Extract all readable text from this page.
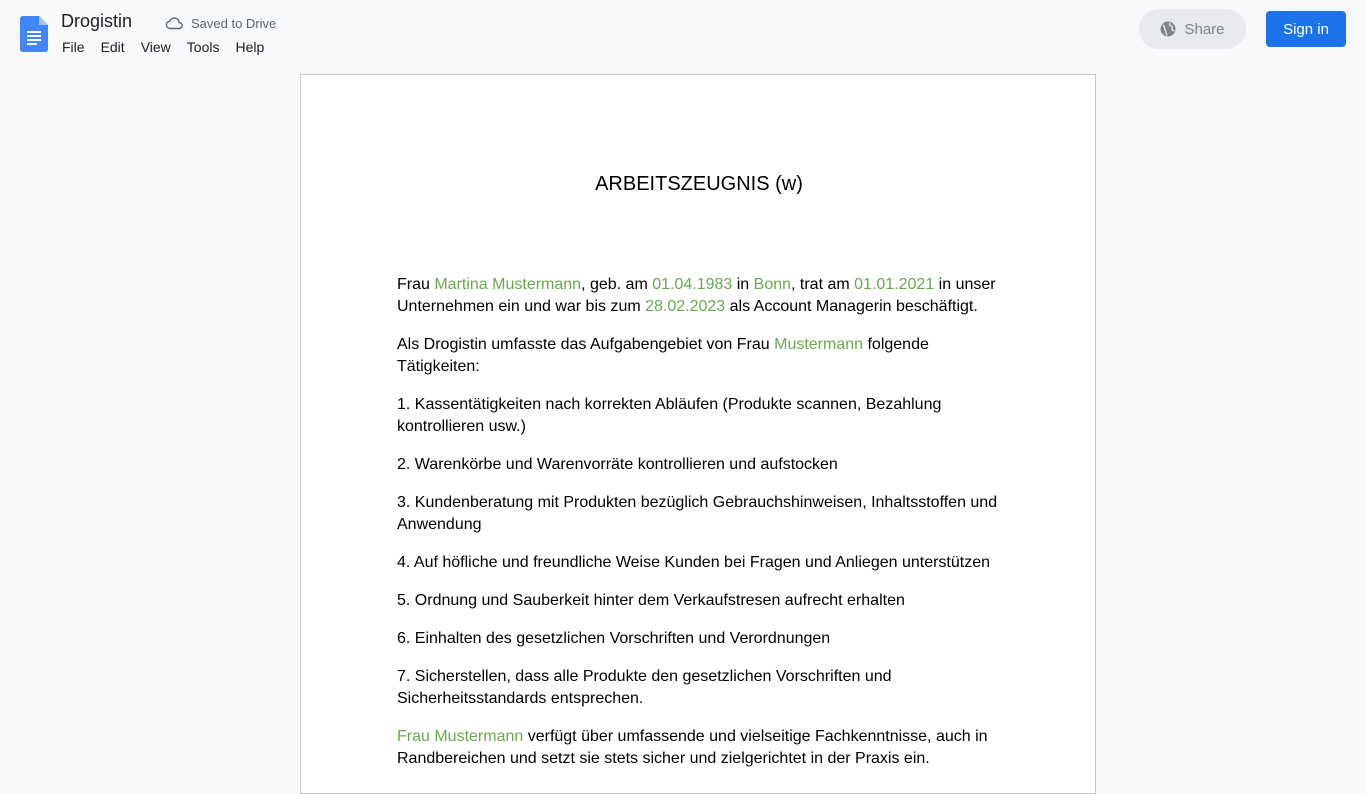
Drogistin	Saved to Drive
File	Edit	View	Tools	Help
Share	Sign in
ARBEITSZEUGNIS (w)

Frau Martina Mustermann, geb. am 01.04.1983 in Bonn, trat am 01.01.2021 in unser Unternehmen ein und war bis zum 28.02.2023 als Account Managerin beschäftigt.

Als Drogistin umfasste das Aufgabengebiet von Frau Mustermann folgende Tätigkeiten:

1. Kassentätigkeiten nach korrekten Abläufen (Produkte scannen, Bezahlung kontrollieren usw.)

2. Warenkörbe und Warenvorräte kontrollieren und aufstocken

3. Kundenberatung mit Produkten bezüglich Gebrauchshinweisen, Inhaltsstoffen und Anwendung

4. Auf höfliche und freundliche Weise Kunden bei Fragen und Anliegen unterstützen

5. Ordnung und Sauberkeit hinter dem Verkaufstresen aufrecht erhalten

6. Einhalten des gesetzlichen Vorschriften und Verordnungen

7. Sicherstellen, dass alle Produkte den gesetzlichen Vorschriften und Sicherheitsstandards entsprechen.

Frau Mustermann verfügt über umfassende und vielseitige Fachkenntnisse, auch in Randbereichen und setzt sie stets sicher und zielgerichtet in der Praxis ein.
